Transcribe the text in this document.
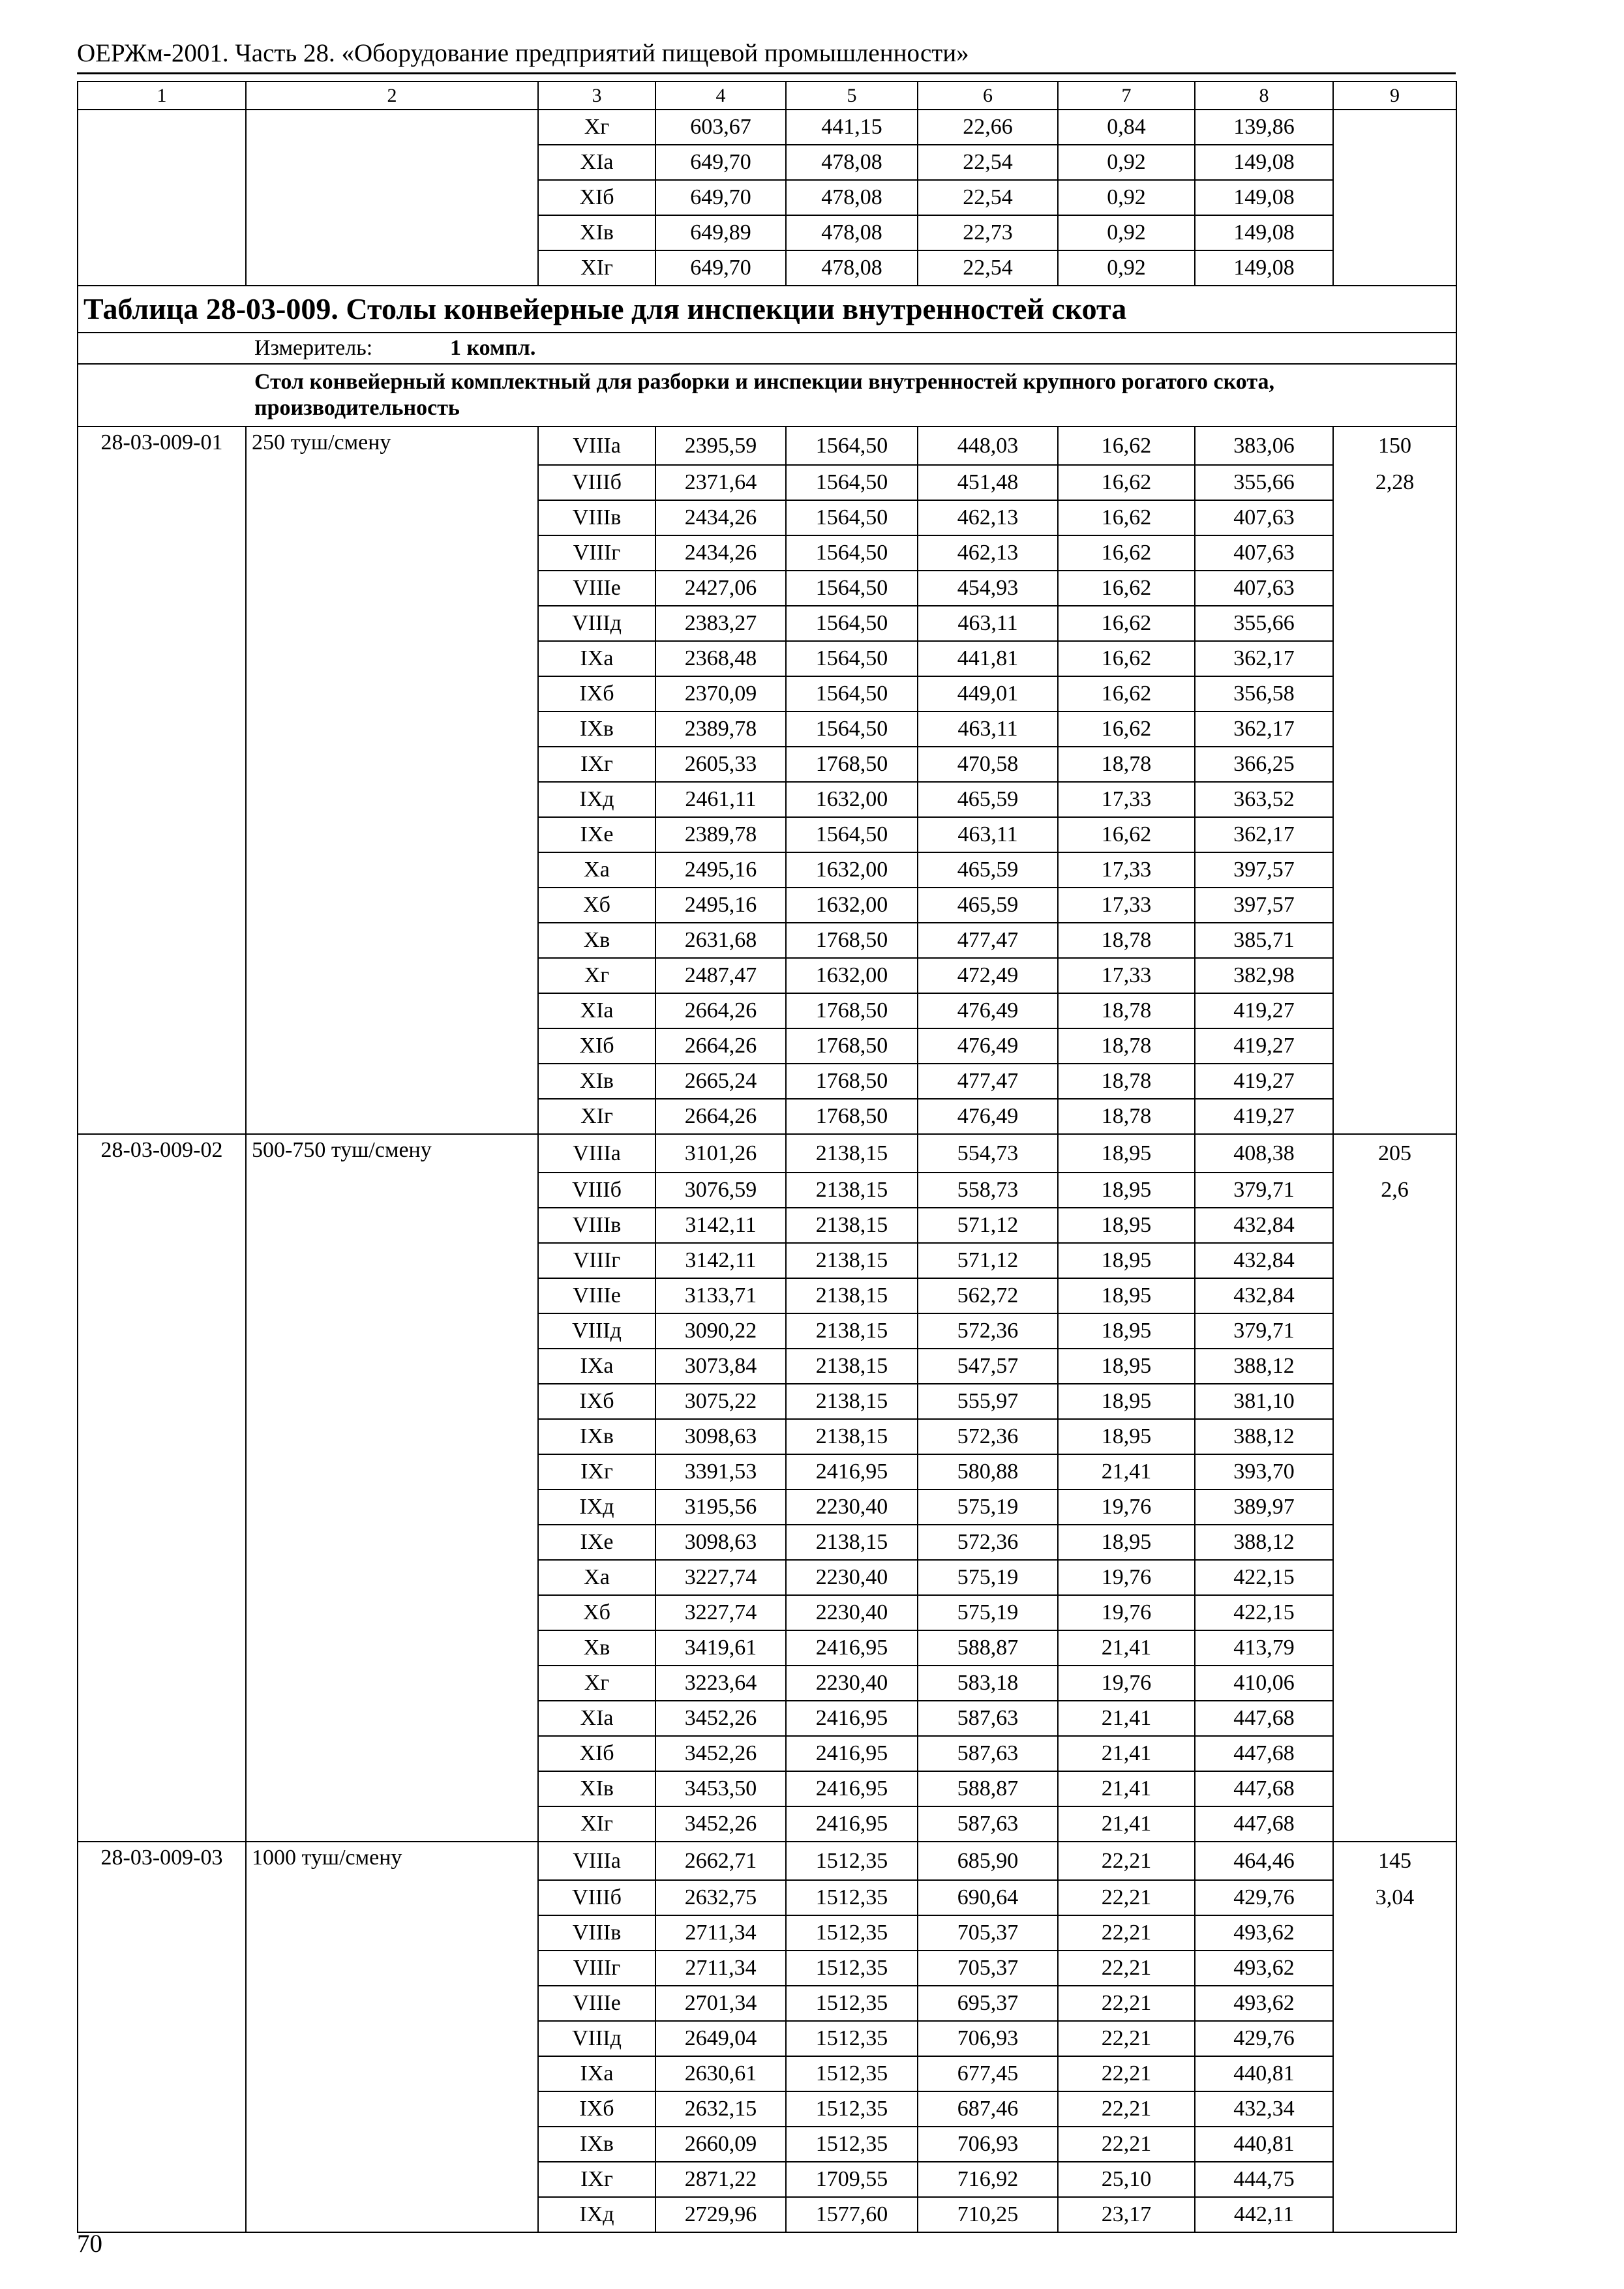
ОЕРЖм-2001. Часть 28. «Оборудование предприятий пищевой промышленности»
1	2	3	4	5	6	7	8	9
		Xг	603,67	441,15	22,66	0,84	139,86	
		XIa	649,70	478,08	22,54	0,92	149,08	
		XIб	649,70	478,08	22,54	0,92	149,08	
		XIв	649,89	478,08	22,73	0,92	149,08	
		XIг	649,70	478,08	22,54	0,92	149,08	
Таблица 28-03-009. Столы конвейерные для инспекции внутренностей скота								
Измеритель: 1 компл.								
Стол конвейерный комплектный для разборки и инспекции внутренностей крупного рогатого скота, производительность								
28-03-009-01	250 туш/смену	VIIIa	2395,59	1564,50	448,03	16,62	383,06	150
		VIIIб	2371,64	1564,50	451,48	16,62	355,66	2,28
		VIIIв	2434,26	1564,50	462,13	16,62	407,63	
		VIIIг	2434,26	1564,50	462,13	16,62	407,63	
		VIIIе	2427,06	1564,50	454,93	16,62	407,63	
		VIIIд	2383,27	1564,50	463,11	16,62	355,66	
		IXa	2368,48	1564,50	441,81	16,62	362,17	
		IXб	2370,09	1564,50	449,01	16,62	356,58	
		IXв	2389,78	1564,50	463,11	16,62	362,17	
		IXг	2605,33	1768,50	470,58	18,78	366,25	
		IXд	2461,11	1632,00	465,59	17,33	363,52	
		IXе	2389,78	1564,50	463,11	16,62	362,17	
		Xa	2495,16	1632,00	465,59	17,33	397,57	
		Xб	2495,16	1632,00	465,59	17,33	397,57	
		Xв	2631,68	1768,50	477,47	18,78	385,71	
		Xг	2487,47	1632,00	472,49	17,33	382,98	
		XIa	2664,26	1768,50	476,49	18,78	419,27	
		XIб	2664,26	1768,50	476,49	18,78	419,27	
		XIв	2665,24	1768,50	477,47	18,78	419,27	
		XIг	2664,26	1768,50	476,49	18,78	419,27	
28-03-009-02	500-750 туш/смену	VIIIa	3101,26	2138,15	554,73	18,95	408,38	205
		VIIIб	3076,59	2138,15	558,73	18,95	379,71	2,6
		VIIIв	3142,11	2138,15	571,12	18,95	432,84	
		VIIIг	3142,11	2138,15	571,12	18,95	432,84	
		VIIIе	3133,71	2138,15	562,72	18,95	432,84	
		VIIIд	3090,22	2138,15	572,36	18,95	379,71	
		IXa	3073,84	2138,15	547,57	18,95	388,12	
		IXб	3075,22	2138,15	555,97	18,95	381,10	
		IXв	3098,63	2138,15	572,36	18,95	388,12	
		IXг	3391,53	2416,95	580,88	21,41	393,70	
		IXд	3195,56	2230,40	575,19	19,76	389,97	
		IXе	3098,63	2138,15	572,36	18,95	388,12	
		Xa	3227,74	2230,40	575,19	19,76	422,15	
		Xб	3227,74	2230,40	575,19	19,76	422,15	
		Xв	3419,61	2416,95	588,87	21,41	413,79	
		Xг	3223,64	2230,40	583,18	19,76	410,06	
		XIa	3452,26	2416,95	587,63	21,41	447,68	
		XIб	3452,26	2416,95	587,63	21,41	447,68	
		XIв	3453,50	2416,95	588,87	21,41	447,68	
		XIг	3452,26	2416,95	587,63	21,41	447,68	
28-03-009-03	1000 туш/смену	VIIIa	2662,71	1512,35	685,90	22,21	464,46	145
		VIIIб	2632,75	1512,35	690,64	22,21	429,76	3,04
		VIIIв	2711,34	1512,35	705,37	22,21	493,62	
		VIIIг	2711,34	1512,35	705,37	22,21	493,62	
		VIIIе	2701,34	1512,35	695,37	22,21	493,62	
		VIIIд	2649,04	1512,35	706,93	22,21	429,76	
		IXa	2630,61	1512,35	677,45	22,21	440,81	
		IXб	2632,15	1512,35	687,46	22,21	432,34	
		IXв	2660,09	1512,35	706,93	22,21	440,81	
		IXг	2871,22	1709,55	716,92	25,10	444,75	
		IXд	2729,96	1577,60	710,25	23,17	442,11	
70
